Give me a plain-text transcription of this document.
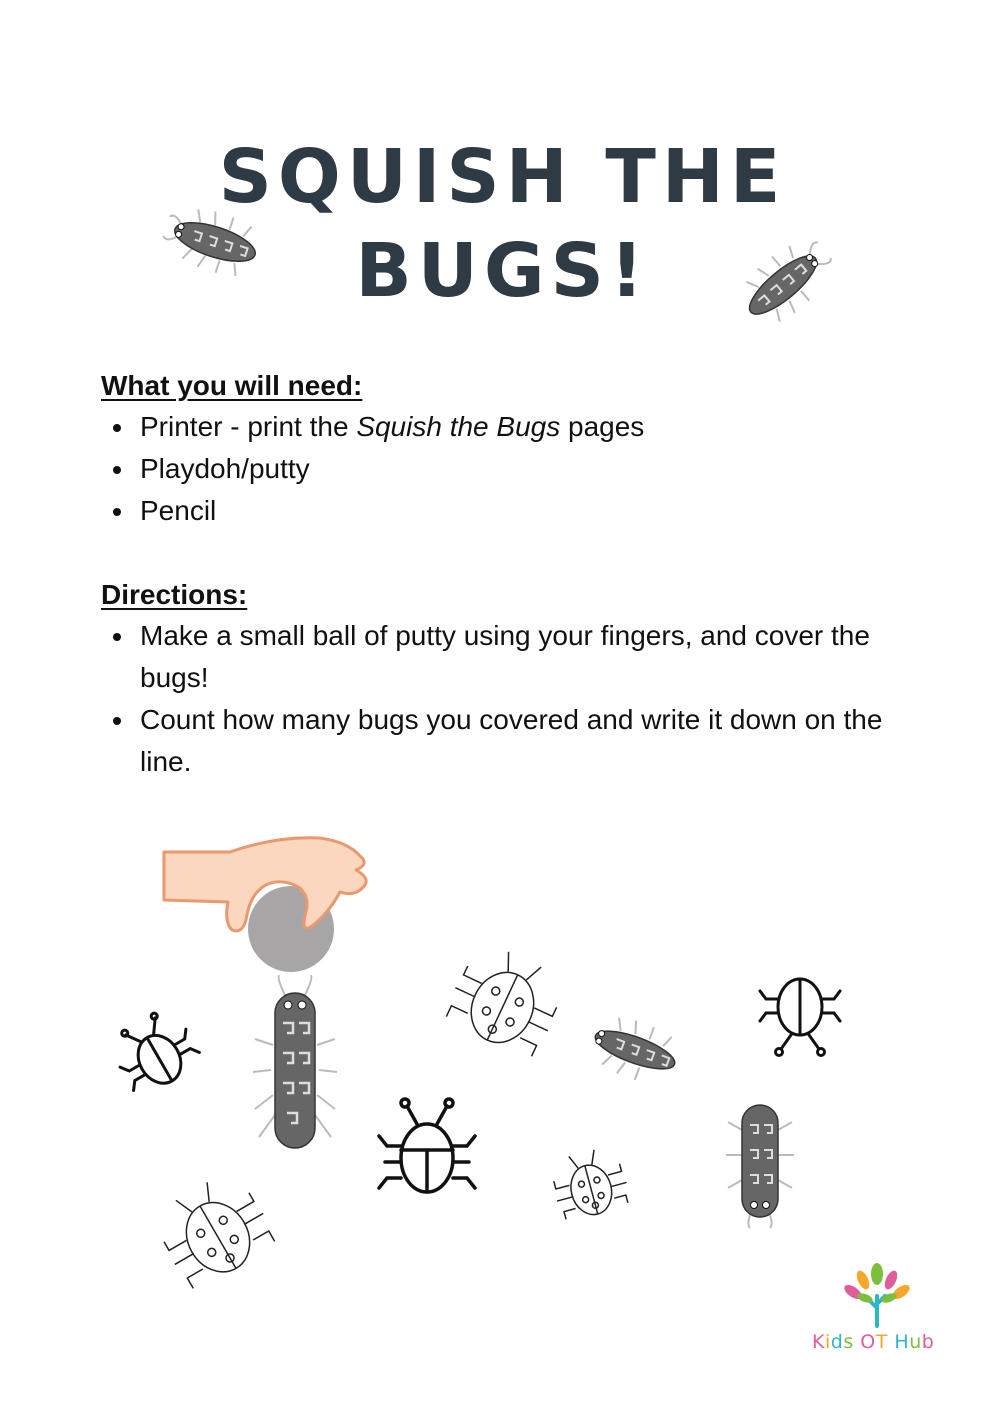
SQUISH THE
BUGS!
What you will need:
Printer - print the Squish the Bugs pages
Playdoh/putty
Pencil
Directions:
Make a small ball of putty using your fingers, and cover the bugs!
Count how many bugs you covered and write it down on the line.
Kids OT Hub
